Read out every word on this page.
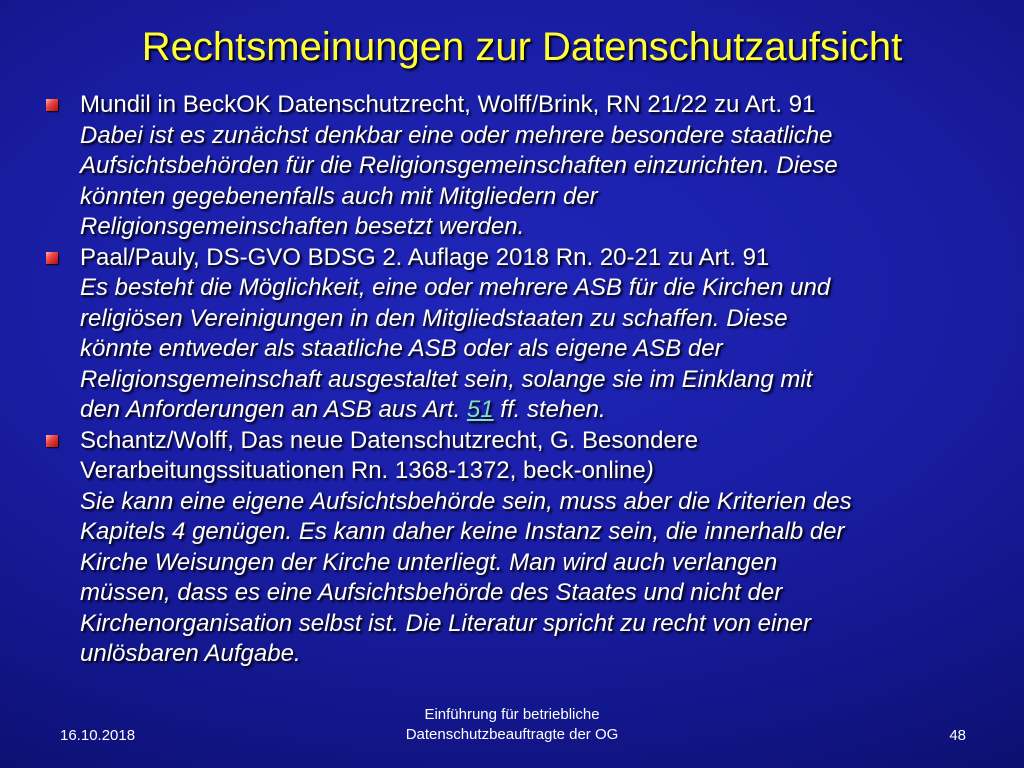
Rechtsmeinungen zur Datenschutzaufsicht
Mundil in BeckOK Datenschutzrecht, Wolff/Brink, RN 21/22 zu Art. 91
Dabei ist es zunächst denkbar eine oder mehrere besondere staatliche
Aufsichtsbehörden für die Religionsgemeinschaften einzurichten. Diese
könnten gegebenenfalls auch mit Mitgliedern der
Religionsgemeinschaften besetzt werden.
Paal/Pauly, DS-GVO BDSG 2. Auflage 2018 Rn. 20-21 zu Art. 91
Es besteht die Möglichkeit, eine oder mehrere ASB für die Kirchen und
religiösen Vereinigungen in den Mitgliedstaaten zu schaffen. Diese
könnte entweder als staatliche ASB oder als eigene ASB der
Religionsgemeinschaft ausgestaltet sein, solange sie im Einklang mit
den Anforderungen an ASB aus Art. 51 ff. stehen.
Schantz/Wolff, Das neue Datenschutzrecht, G. Besondere
Verarbeitungssituationen Rn. 1368-1372, beck-online)
Sie kann eine eigene Aufsichtsbehörde sein, muss aber die Kriterien des
Kapitels 4 genügen. Es kann daher keine Instanz sein, die innerhalb der
Kirche Weisungen der Kirche unterliegt. Man wird auch verlangen
müssen, dass es eine Aufsichtsbehörde des Staates und nicht der
Kirchenorganisation selbst ist. Die Literatur spricht zu recht von einer
unlösbaren Aufgabe.
16.10.2018
Einführung für betriebliche
Datenschutzbeauftragte der OG	48
